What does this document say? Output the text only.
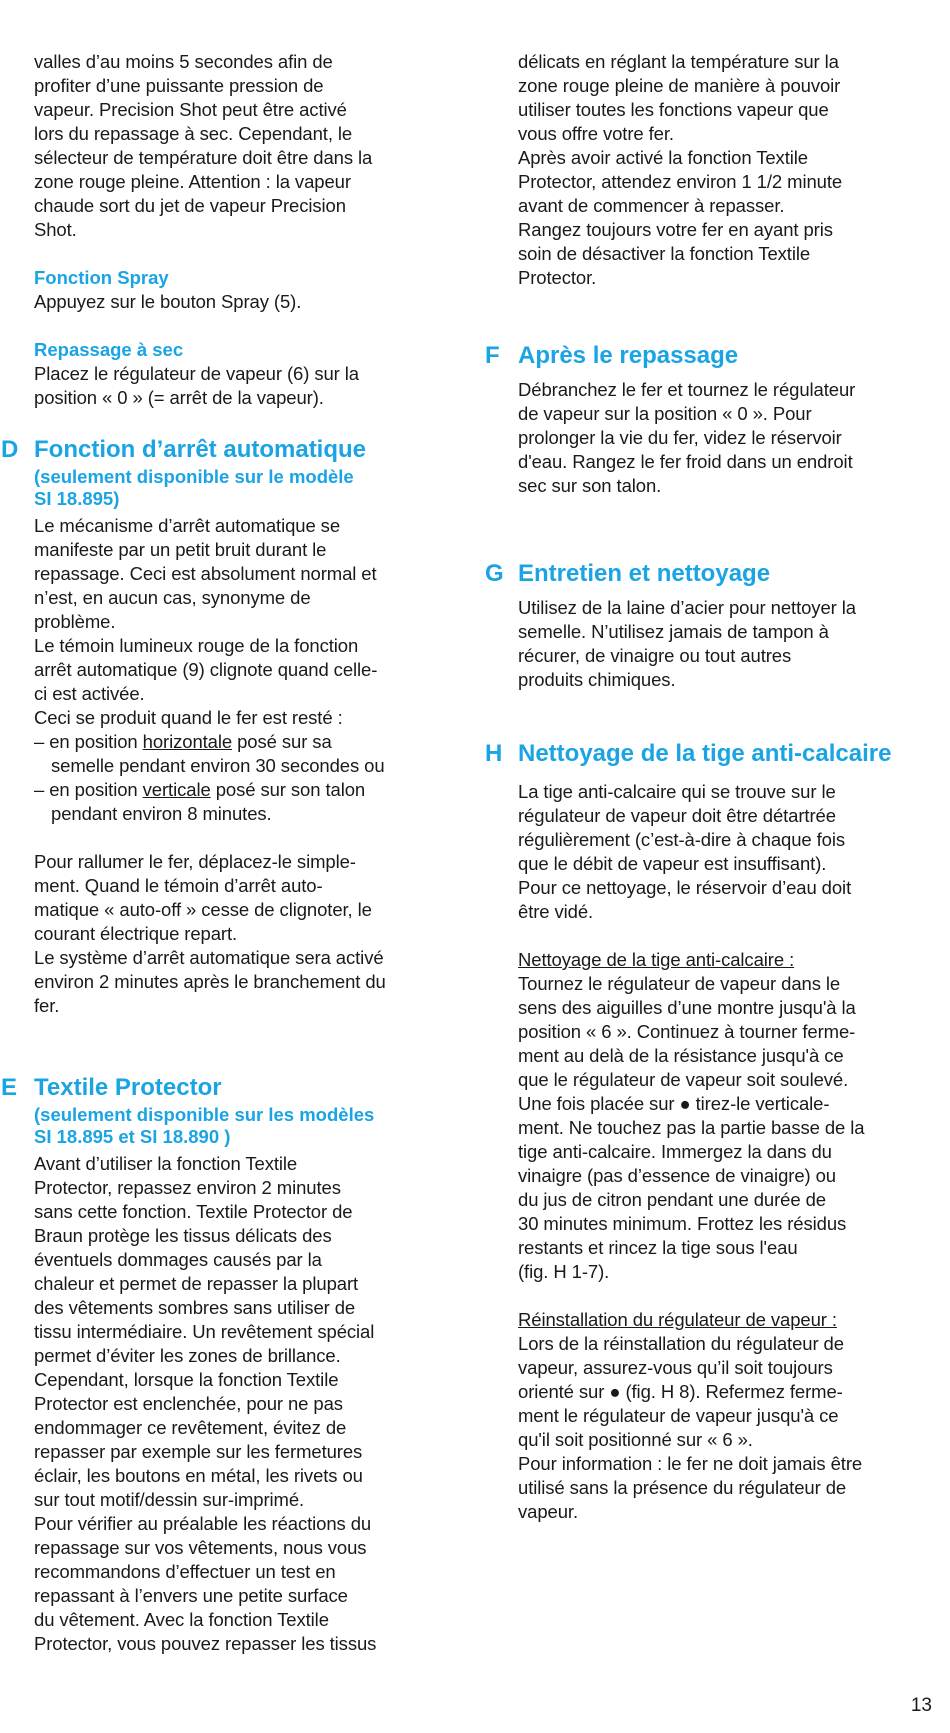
valles d’au moins 5 secondes afin de

profiter d’une puissante pression de

vapeur. Precision Shot peut être activé

lors du repassage à sec. Cependant, le

sélecteur de température doit être dans la

zone rouge pleine. Attention : la vapeur

chaude sort du jet de vapeur Precision

Shot.

Fonction Spray

Appuyez sur le bouton Spray (5).

Repassage à sec

Placez le régulateur de vapeur (6) sur la

position « 0 » (= arrêt de la vapeur).

D Fonction d’arrêt automatique
(seulement disponible sur le modèle
SI 18.895)

Le mécanisme d’arrêt automatique se

manifeste par un petit bruit durant le

repassage. Ceci est absolument normal et

n’est, en aucun cas, synonyme de

problème.

Le témoin lumineux rouge de la fonction

arrêt automatique (9) clignote quand celle-

ci est activée.

Ceci se produit quand le fer est resté :

– en position horizontale posé sur sa

semelle pendant environ 30 secondes ou

– en position verticale posé sur son talon

pendant environ 8 minutes.

Pour rallumer le fer, déplacez-le simple-

ment. Quand le témoin d’arrêt auto-

matique « auto-off » cesse de clignoter, le

courant électrique repart.

Le système d’arrêt automatique sera activé

environ 2 minutes après le branchement du

fer.

E Textile Protector
(seulement disponible sur les modèles
SI 18.895 et SI 18.890 )

Avant d’utiliser la fonction Textile

Protector, repassez environ 2 minutes

sans cette fonction. Textile Protector de

Braun protège les tissus délicats des

éventuels dommages causés par la

chaleur et permet de repasser la plupart

des vêtements sombres sans utiliser de

tissu intermédiaire. Un revêtement spécial

permet d’éviter les zones de brillance.

Cependant, lorsque la fonction Textile

Protector est enclenchée, pour ne pas

endommager ce revêtement, évitez de

repasser par exemple sur les fermetures

éclair, les boutons en métal, les rivets ou

sur tout motif/dessin sur-imprimé.

Pour vérifier au préalable les réactions du

repassage sur vos vêtements, nous vous

recommandons d’effectuer un test en

repassant à l’envers une petite surface

du vêtement. Avec la fonction Textile

Protector, vous pouvez repasser les tissus

délicats en réglant la température sur la

zone rouge pleine de manière à pouvoir

utiliser toutes les fonctions vapeur que

vous offre votre fer.

Après avoir activé la fonction Textile

Protector, attendez environ 1 1/2 minute

avant de commencer à repasser.

Rangez toujours votre fer en ayant pris

soin de désactiver la fonction Textile

Protector.

F Après le repassage

Débranchez le fer et tournez le régulateur

de vapeur sur la position « 0 ». Pour

prolonger la vie du fer, videz le réservoir

d'eau. Rangez le fer froid dans un endroit

sec sur son talon.

G Entretien et nettoyage

Utilisez de la laine d’acier pour nettoyer la

semelle. N’utilisez jamais de tampon à

récurer, de vinaigre ou tout autres

produits chimiques.

H Nettoyage de la tige anti-calcaire

La tige anti-calcaire qui se trouve sur le

régulateur de vapeur doit être détartrée

régulièrement (c’est-à-dire à chaque fois

que le débit de vapeur est insuffisant).

Pour ce nettoyage, le réservoir d’eau doit

être vidé.

Nettoyage de la tige anti-calcaire :

Tournez le régulateur de vapeur dans le

sens des aiguilles d’une montre jusqu'à la

position « 6 ». Continuez à tourner ferme-

ment au delà de la résistance jusqu'à ce

que le régulateur de vapeur soit soulevé.

Une fois placée sur ● tirez-le verticale-

ment. Ne touchez pas la partie basse de la

tige anti-calcaire. Immergez la dans du

vinaigre (pas d’essence de vinaigre) ou

du jus de citron pendant une durée de

30 minutes minimum. Frottez les résidus

restants et rincez la tige sous l'eau

(fig. H 1-7).

Réinstallation du régulateur de vapeur :

Lors de la réinstallation du régulateur de

vapeur, assurez-vous qu’il soit toujours

orienté sur ● (fig. H 8). Refermez ferme-

ment le régulateur de vapeur jusqu'à ce

qu'il soit positionné sur « 6 ».

Pour information : le fer ne doit jamais être

utilisé sans la présence du régulateur de

vapeur.

13
